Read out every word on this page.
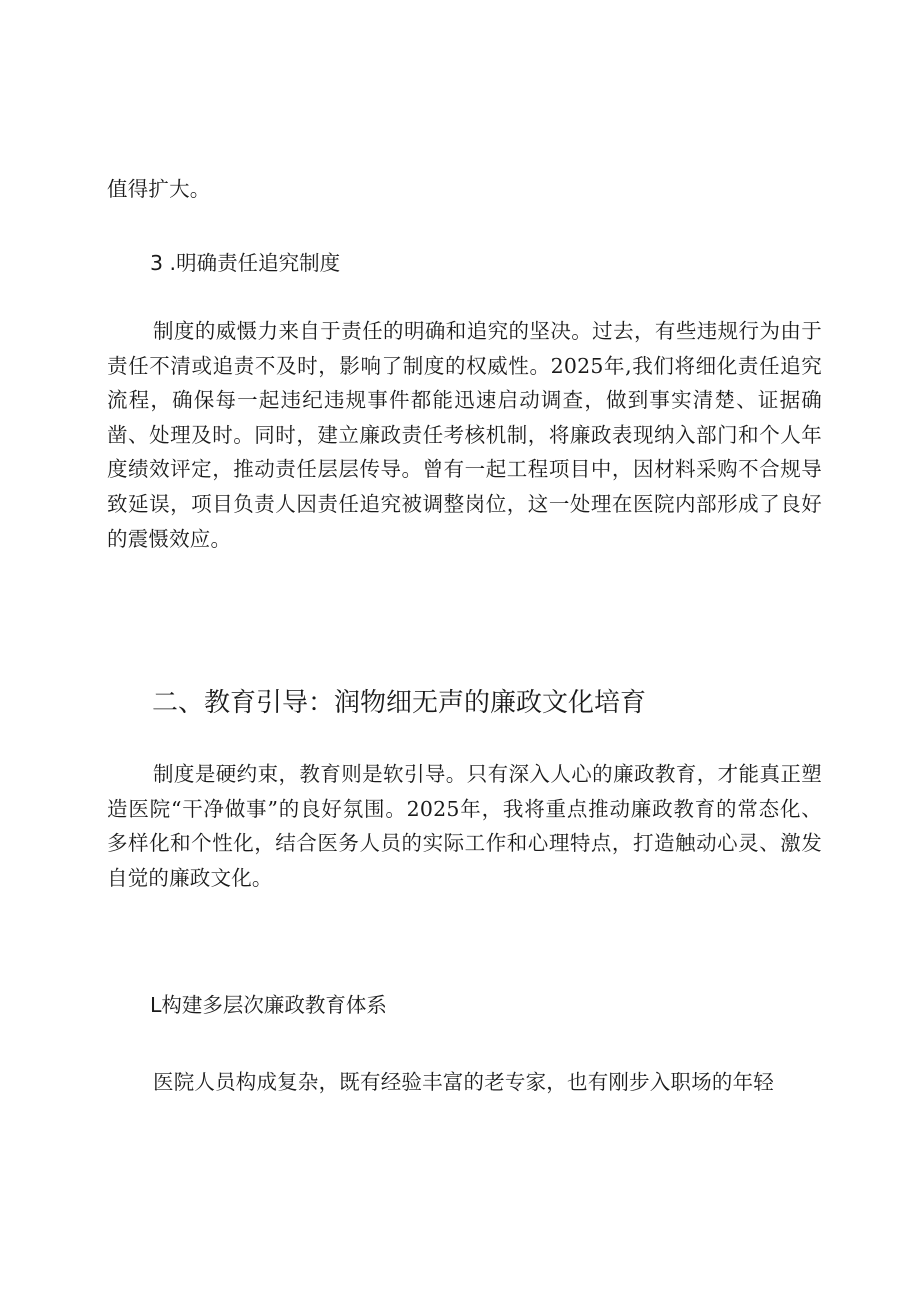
值得扩大。
3 .明确责任追究制度
制度的威慑力来自于责任的明确和追究的坚决。过去，有些违规行为由于责任不清或追责不及时，影响了制度的权威性。2025年,我们将细化责任追究流程，确保每一起违纪违规事件都能迅速启动调查，做到事实清楚、证据确凿、处理及时。同时，建立廉政责任考核机制，将廉政表现纳入部门和个人年度绩效评定，推动责任层层传导。曾有一起工程项目中，因材料采购不合规导致延误，项目负责人因责任追究被调整岗位，这一处理在医院内部形成了良好的震慑效应。
二、教育引导：润物细无声的廉政文化培育
制度是硬约束，教育则是软引导。只有深入人心的廉政教育，才能真正塑造医院“干净做事”的良好氛围。2025年，我将重点推动廉政教育的常态化、多样化和个性化，结合医务人员的实际工作和心理特点，打造触动心灵、激发自觉的廉政文化。
L构建多层次廉政教育体系
医院人员构成复杂，既有经验丰富的老专家，也有刚步入职场的年轻
